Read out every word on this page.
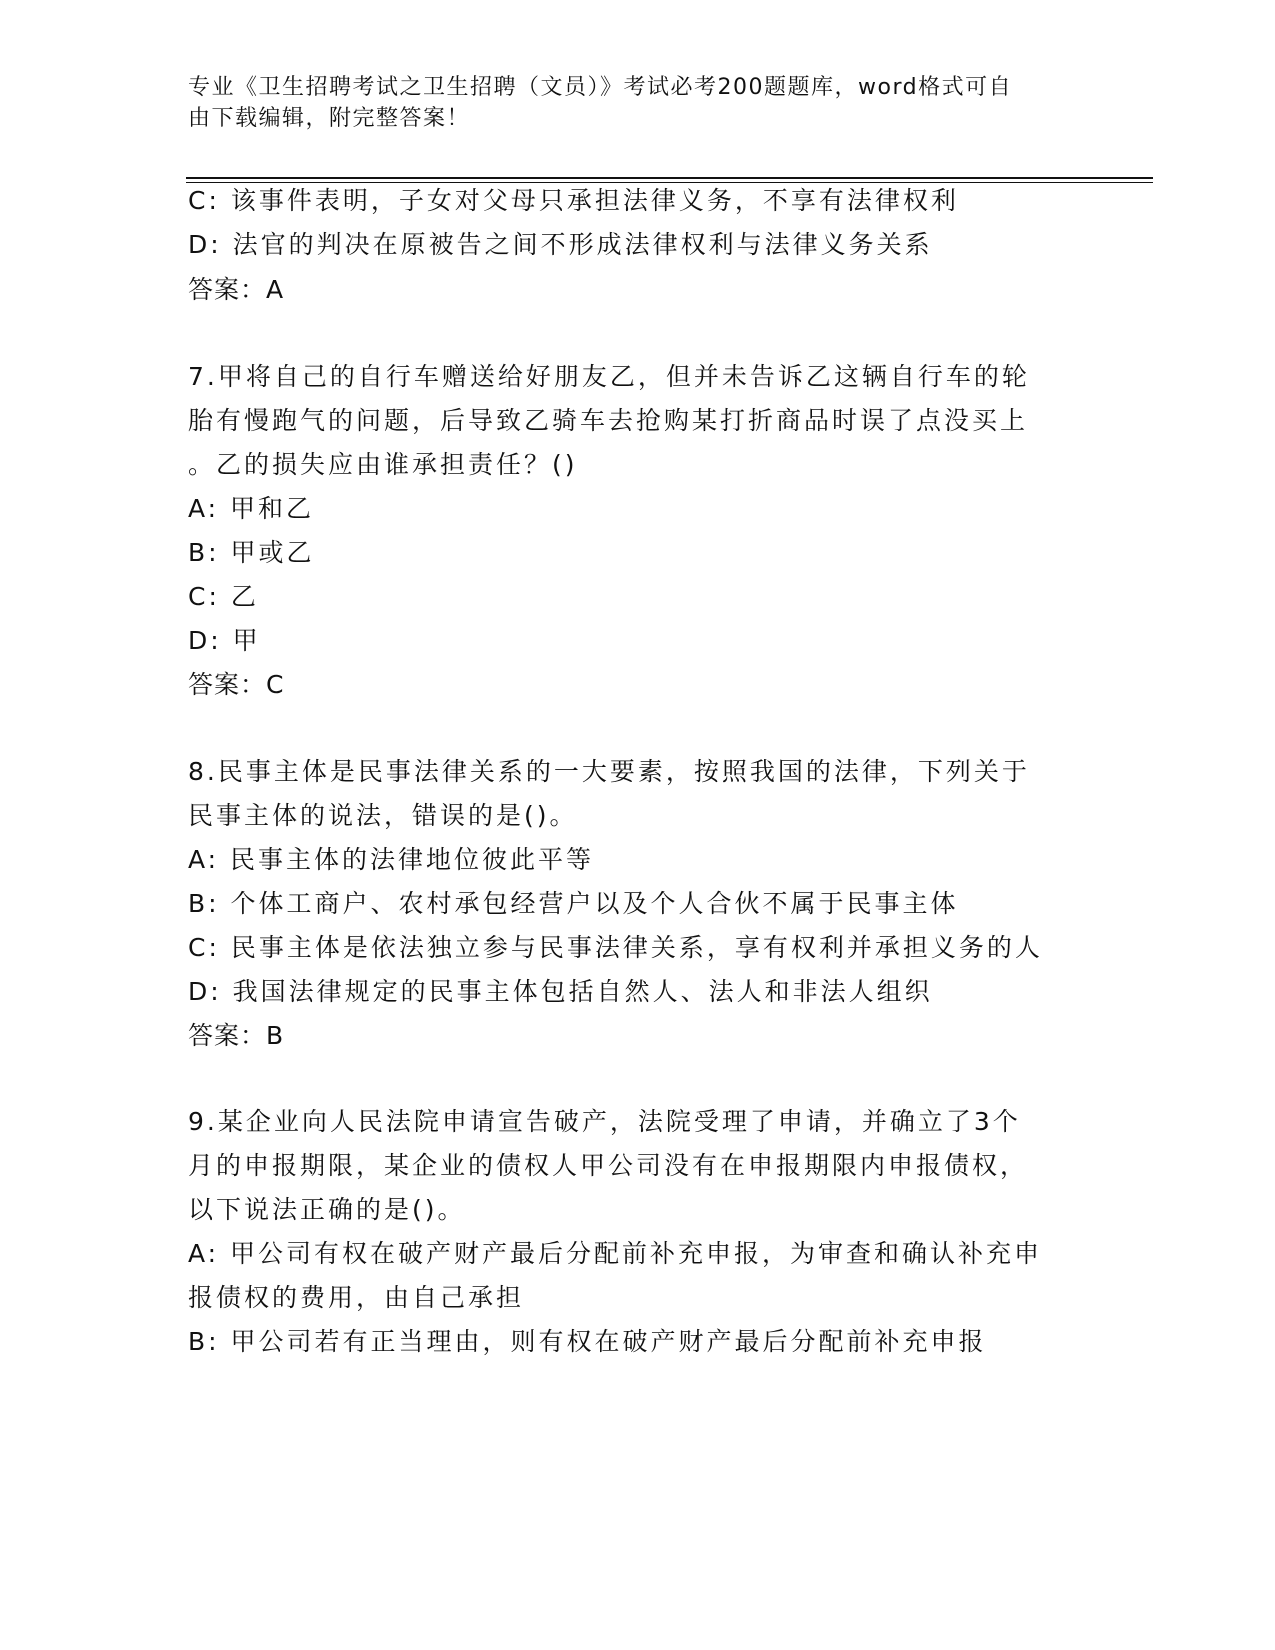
专业《卫生招聘考试之卫生招聘（文员）》考试必考200题题库，word格式可自
由下载编辑，附完整答案！
C: 该事件表明，子女对父母只承担法律义务，不享有法律权利
D: 法官的判决在原被告之间不形成法律权利与法律义务关系
答案：A
7.甲将自己的自行车赠送给好朋友乙，但并未告诉乙这辆自行车的轮
胎有慢跑气的问题，后导致乙骑车去抢购某打折商品时误了点没买上
。乙的损失应由谁承担责任？()
A: 甲和乙
B: 甲或乙
C: 乙
D: 甲
答案：C
8.民事主体是民事法律关系的一大要素，按照我国的法律，下列关于
民事主体的说法，错误的是()。
A: 民事主体的法律地位彼此平等
B: 个体工商户、农村承包经营户以及个人合伙不属于民事主体
C: 民事主体是依法独立参与民事法律关系，享有权利并承担义务的人
D: 我国法律规定的民事主体包括自然人、法人和非法人组织
答案：B
9.某企业向人民法院申请宣告破产，法院受理了申请，并确立了3个
月的申报期限，某企业的债权人甲公司没有在申报期限内申报债权，
以下说法正确的是()。
A: 甲公司有权在破产财产最后分配前补充申报，为审查和确认补充申
报债权的费用，由自己承担
B: 甲公司若有正当理由，则有权在破产财产最后分配前补充申报
